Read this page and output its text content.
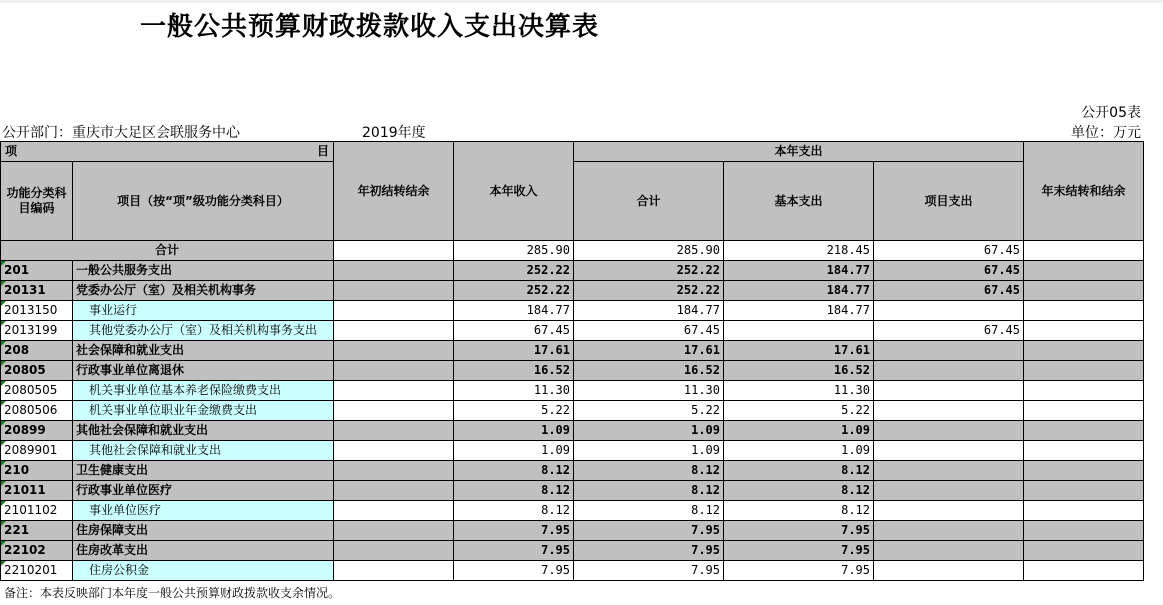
一般公共预算财政拨款收入支出决算表
公开05表
公开部门：重庆市大足区会联服务中心	2019年度	单位：万元
项 目		年初结转结余	本年收入	本年支出			年末结转和结余
功能分类科目编码	项目（按“项”级功能分类科目）			合计	基本支出	项目支出	
合计			285.90	285.90	218.45	67.45	

201	一般公共服务支出		252.22	252.22	184.77	67.45	

20131	党委办公厅（室）及相关机构事务		252.22	252.22	184.77	67.45	

2013150	事业运行		184.77	184.77	184.77		

2013199	其他党委办公厅（室）及相关机构事务支出		67.45	67.45		67.45	

208	社会保障和就业支出		17.61	17.61	17.61		

20805	行政事业单位离退休		16.52	16.52	16.52		

2080505	机关事业单位基本养老保险缴费支出		11.30	11.30	11.30		

2080506	机关事业单位职业年金缴费支出		5.22	5.22	5.22		

20899	其他社会保障和就业支出		1.09	1.09	1.09		

2089901	其他社会保障和就业支出		1.09	1.09	1.09		

210	卫生健康支出		8.12	8.12	8.12		

21011	行政事业单位医疗		8.12	8.12	8.12		

2101102	事业单位医疗		8.12	8.12	8.12		

221	住房保障支出		7.95	7.95	7.95		

22102	住房改革支出		7.95	7.95	7.95		

2210201	住房公积金		7.95	7.95	7.95		
备注：本表反映部门本年度一般公共预算财政拨款收支余情况。
